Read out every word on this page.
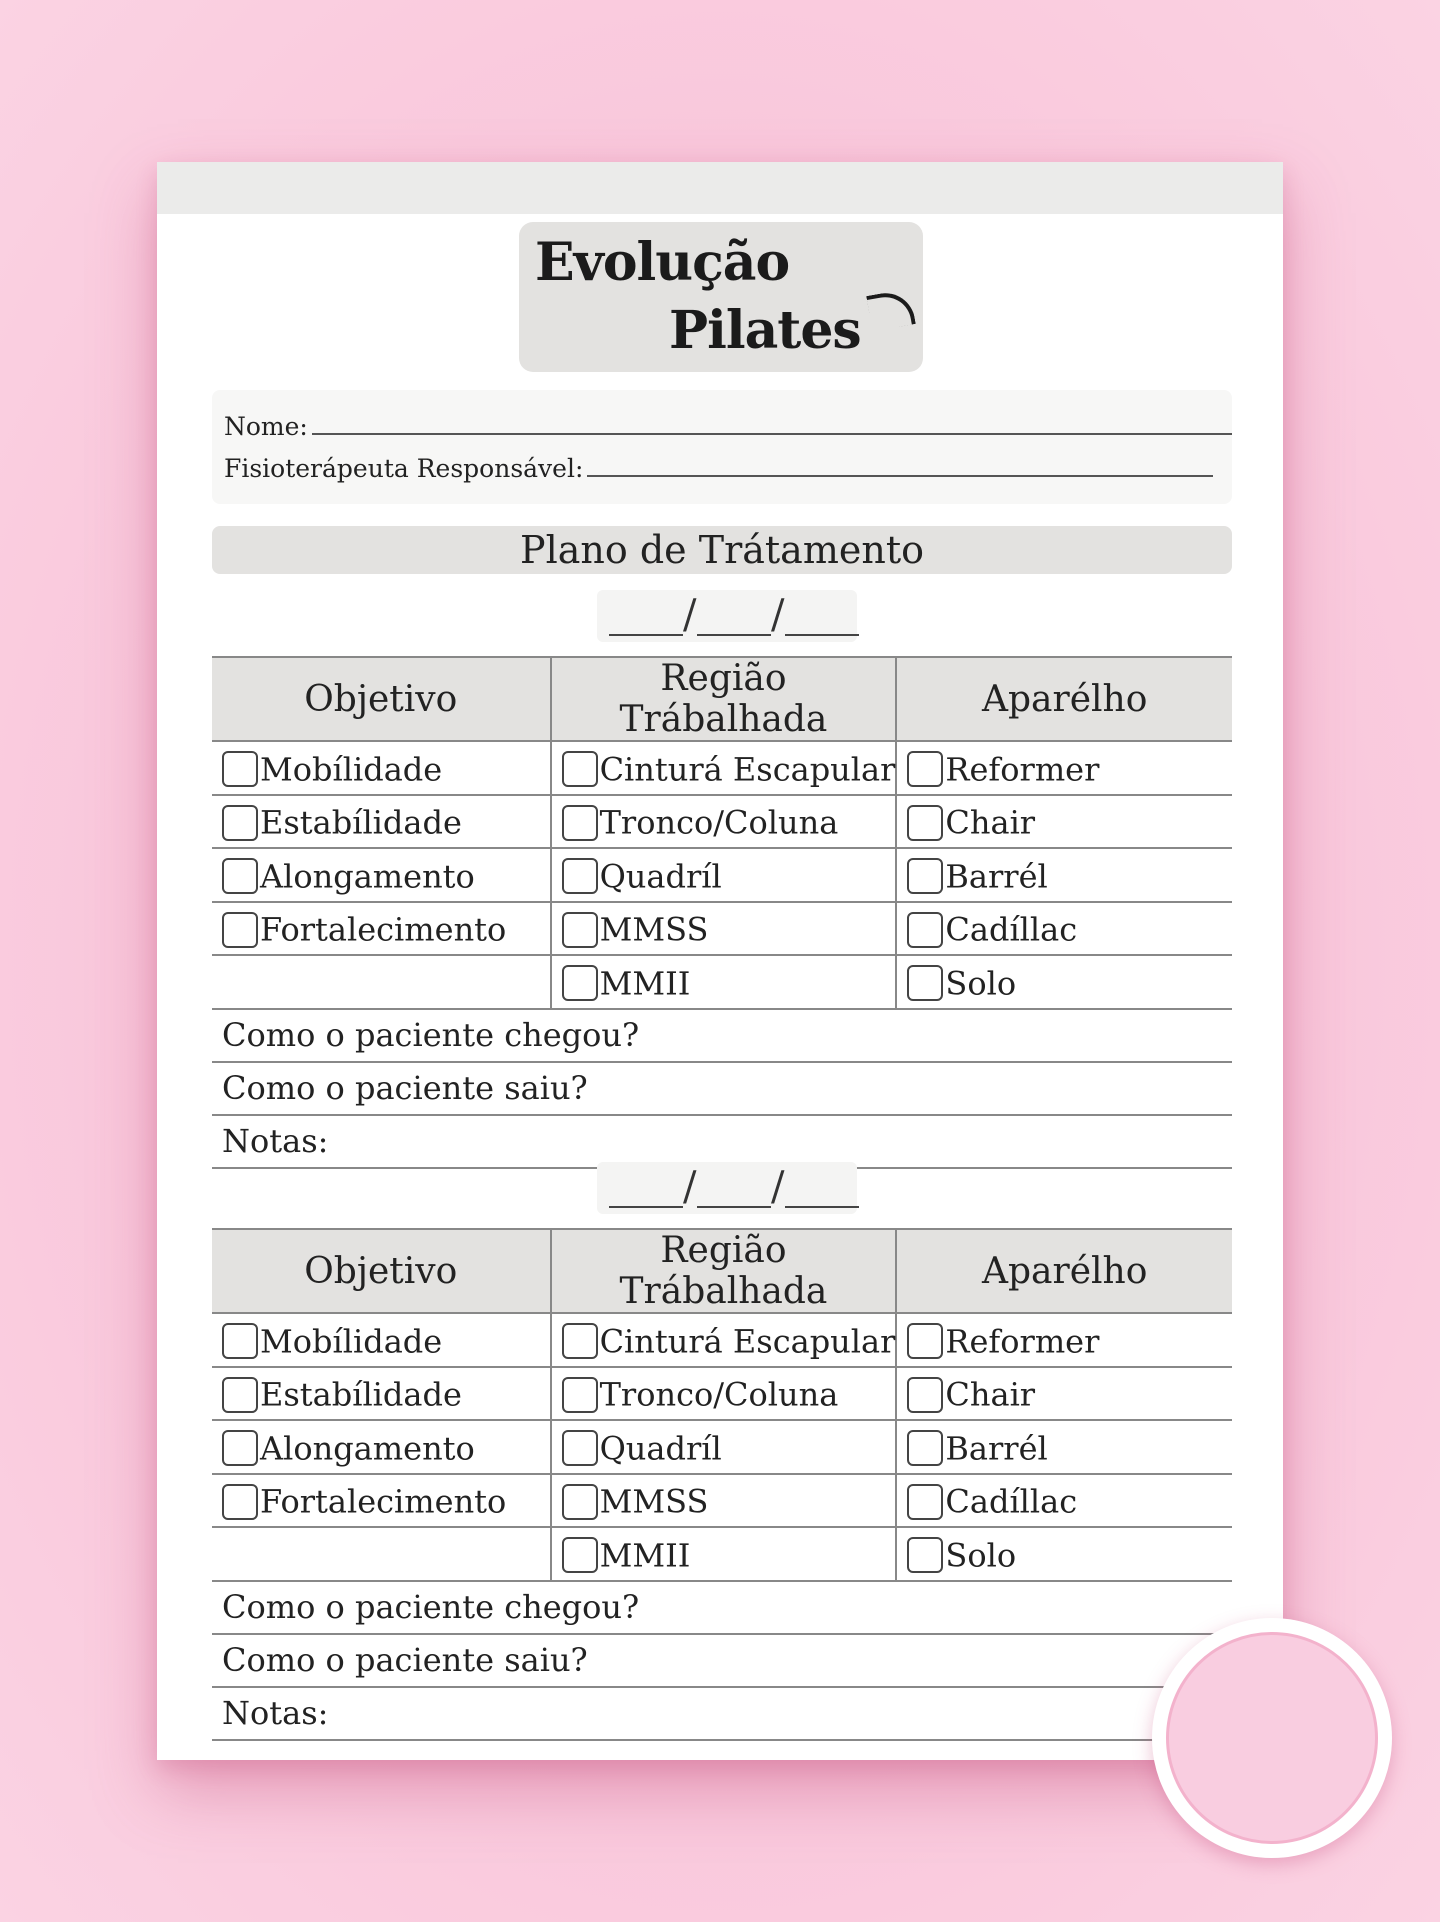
Evolução
Pilates
Nome:
Fisioterápeuta Responsável:
Plano de Trátamento
/ /
Objetivo	Região Trábalhada	Aparélho
Mobílidade	Cinturá Escapular	Reformer
Estabílidade	Tronco/Coluna	Chair
Alongamento	Quadríl	Barrél
Fortalecimento	MMSS	Cadíllac
	MMII	Solo
Como o paciente chegou?		
Como o paciente saiu?		
Notas:		
/ /
Objetivo	Região Trábalhada	Aparélho
Mobílidade	Cinturá Escapular	Reformer
Estabílidade	Tronco/Coluna	Chair
Alongamento	Quadríl	Barrél
Fortalecimento	MMSS	Cadíllac
	MMII	Solo
Como o paciente chegou?		
Como o paciente saiu?		
Notas:		
